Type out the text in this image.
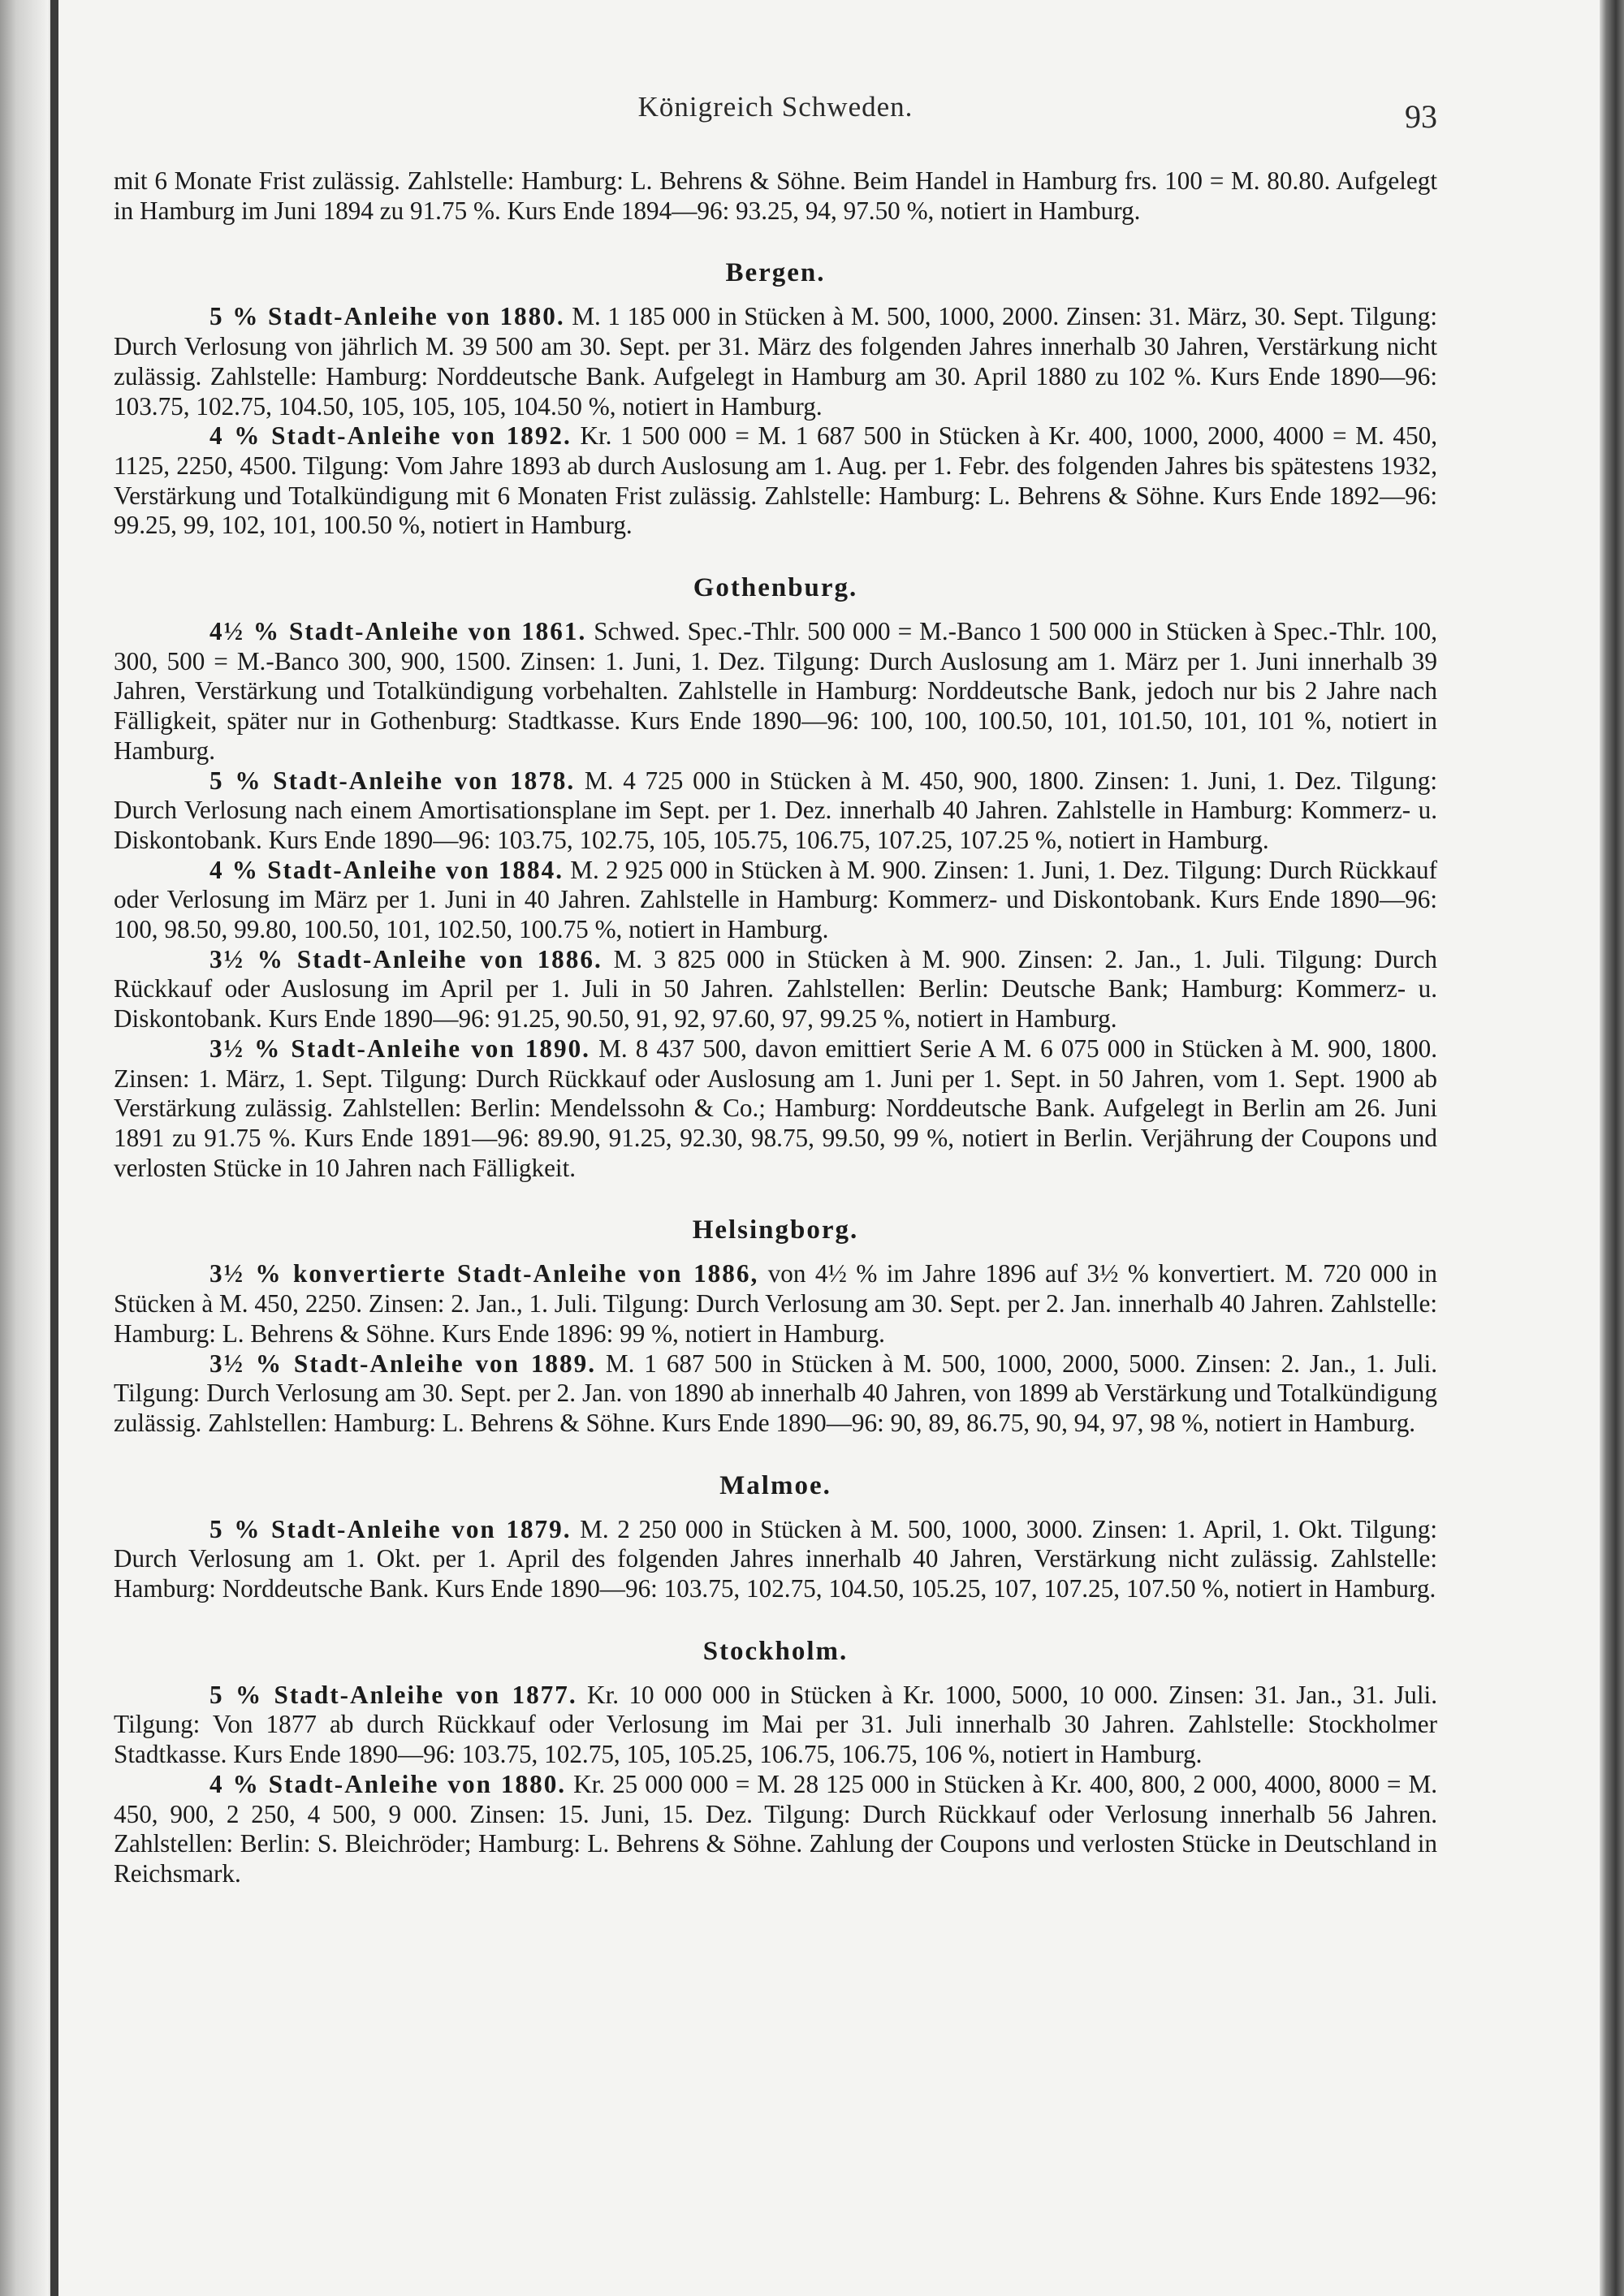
Königreich Schweden.	93

mit 6 Monate Frist zulässig. Zahlstelle: Hamburg: L. Behrens & Söhne. Beim Handel in Hamburg frs. 100 = M. 80.80. Aufgelegt in Hamburg im Juni 1894 zu 91.75 %. Kurs Ende 1894—96: 93.25, 94, 97.50 %, notiert in Hamburg.

Bergen.

5 % Stadt-Anleihe von 1880. M. 1 185 000 in Stücken à M. 500, 1000, 2000. Zinsen: 31. März, 30. Sept. Tilgung: Durch Verlosung von jährlich M. 39 500 am 30. Sept. per 31. März des folgenden Jahres innerhalb 30 Jahren, Verstärkung nicht zulässig. Zahlstelle: Hamburg: Norddeutsche Bank. Aufgelegt in Hamburg am 30. April 1880 zu 102 %. Kurs Ende 1890—96: 103.75, 102.75, 104.50, 105, 105, 105, 104.50 %, notiert in Hamburg.

4 % Stadt-Anleihe von 1892. Kr. 1 500 000 = M. 1 687 500 in Stücken à Kr. 400, 1000, 2000, 4000 = M. 450, 1125, 2250, 4500. Tilgung: Vom Jahre 1893 ab durch Auslosung am 1. Aug. per 1. Febr. des folgenden Jahres bis spätestens 1932, Verstärkung und Totalkündigung mit 6 Monaten Frist zulässig. Zahlstelle: Hamburg: L. Behrens & Söhne. Kurs Ende 1892—96: 99.25, 99, 102, 101, 100.50 %, notiert in Hamburg.

Gothenburg.

4½ % Stadt-Anleihe von 1861. Schwed. Spec.-Thlr. 500 000 = M.-Banco 1 500 000 in Stücken à Spec.-Thlr. 100, 300, 500 = M.-Banco 300, 900, 1500. Zinsen: 1. Juni, 1. Dez. Tilgung: Durch Auslosung am 1. März per 1. Juni innerhalb 39 Jahren, Verstärkung und Totalkündigung vorbehalten. Zahlstelle in Hamburg: Norddeutsche Bank, jedoch nur bis 2 Jahre nach Fälligkeit, später nur in Gothenburg: Stadtkasse. Kurs Ende 1890—96: 100, 100, 100.50, 101, 101.50, 101, 101 %, notiert in Hamburg.

5 % Stadt-Anleihe von 1878. M. 4 725 000 in Stücken à M. 450, 900, 1800. Zinsen: 1. Juni, 1. Dez. Tilgung: Durch Verlosung nach einem Amortisationsplane im Sept. per 1. Dez. innerhalb 40 Jahren. Zahlstelle in Hamburg: Kommerz- u. Diskontobank. Kurs Ende 1890—96: 103.75, 102.75, 105, 105.75, 106.75, 107.25, 107.25 %, notiert in Hamburg.

4 % Stadt-Anleihe von 1884. M. 2 925 000 in Stücken à M. 900. Zinsen: 1. Juni, 1. Dez. Tilgung: Durch Rückkauf oder Verlosung im März per 1. Juni in 40 Jahren. Zahlstelle in Hamburg: Kommerz- und Diskontobank. Kurs Ende 1890—96: 100, 98.50, 99.80, 100.50, 101, 102.50, 100.75 %, notiert in Hamburg.

3½ % Stadt-Anleihe von 1886. M. 3 825 000 in Stücken à M. 900. Zinsen: 2. Jan., 1. Juli. Tilgung: Durch Rückkauf oder Auslosung im April per 1. Juli in 50 Jahren. Zahlstellen: Berlin: Deutsche Bank; Hamburg: Kommerz- u. Diskontobank. Kurs Ende 1890—96: 91.25, 90.50, 91, 92, 97.60, 97, 99.25 %, notiert in Hamburg.

3½ % Stadt-Anleihe von 1890. M. 8 437 500, davon emittiert Serie A M. 6 075 000 in Stücken à M. 900, 1800. Zinsen: 1. März, 1. Sept. Tilgung: Durch Rückkauf oder Auslosung am 1. Juni per 1. Sept. in 50 Jahren, vom 1. Sept. 1900 ab Verstärkung zulässig. Zahlstellen: Berlin: Mendelssohn & Co.; Hamburg: Norddeutsche Bank. Aufgelegt in Berlin am 26. Juni 1891 zu 91.75 %. Kurs Ende 1891—96: 89.90, 91.25, 92.30, 98.75, 99.50, 99 %, notiert in Berlin. Verjährung der Coupons und verlosten Stücke in 10 Jahren nach Fälligkeit.

Helsingborg.

3½ % konvertierte Stadt-Anleihe von 1886, von 4½ % im Jahre 1896 auf 3½ % konvertiert. M. 720 000 in Stücken à M. 450, 2250. Zinsen: 2. Jan., 1. Juli. Tilgung: Durch Verlosung am 30. Sept. per 2. Jan. innerhalb 40 Jahren. Zahlstelle: Hamburg: L. Behrens & Söhne. Kurs Ende 1896: 99 %, notiert in Hamburg.

3½ % Stadt-Anleihe von 1889. M. 1 687 500 in Stücken à M. 500, 1000, 2000, 5000. Zinsen: 2. Jan., 1. Juli. Tilgung: Durch Verlosung am 30. Sept. per 2. Jan. von 1890 ab innerhalb 40 Jahren, von 1899 ab Verstärkung und Totalkündigung zulässig. Zahlstellen: Hamburg: L. Behrens & Söhne. Kurs Ende 1890—96: 90, 89, 86.75, 90, 94, 97, 98 %, notiert in Hamburg.

Malmoe.

5 % Stadt-Anleihe von 1879. M. 2 250 000 in Stücken à M. 500, 1000, 3000. Zinsen: 1. April, 1. Okt. Tilgung: Durch Verlosung am 1. Okt. per 1. April des folgenden Jahres innerhalb 40 Jahren, Verstärkung nicht zulässig. Zahlstelle: Hamburg: Norddeutsche Bank. Kurs Ende 1890—96: 103.75, 102.75, 104.50, 105.25, 107, 107.25, 107.50 %, notiert in Hamburg.

Stockholm.

5 % Stadt-Anleihe von 1877. Kr. 10 000 000 in Stücken à Kr. 1000, 5000, 10 000. Zinsen: 31. Jan., 31. Juli. Tilgung: Von 1877 ab durch Rückkauf oder Verlosung im Mai per 31. Juli innerhalb 30 Jahren. Zahlstelle: Stockholmer Stadtkasse. Kurs Ende 1890—96: 103.75, 102.75, 105, 105.25, 106.75, 106.75, 106 %, notiert in Hamburg.

4 % Stadt-Anleihe von 1880. Kr. 25 000 000 = M. 28 125 000 in Stücken à Kr. 400, 800, 2 000, 4000, 8000 = M. 450, 900, 2 250, 4 500, 9 000. Zinsen: 15. Juni, 15. Dez. Tilgung: Durch Rückkauf oder Verlosung innerhalb 56 Jahren. Zahlstellen: Berlin: S. Bleichröder; Hamburg: L. Behrens & Söhne. Zahlung der Coupons und verlosten Stücke in Deutschland in Reichsmark.
